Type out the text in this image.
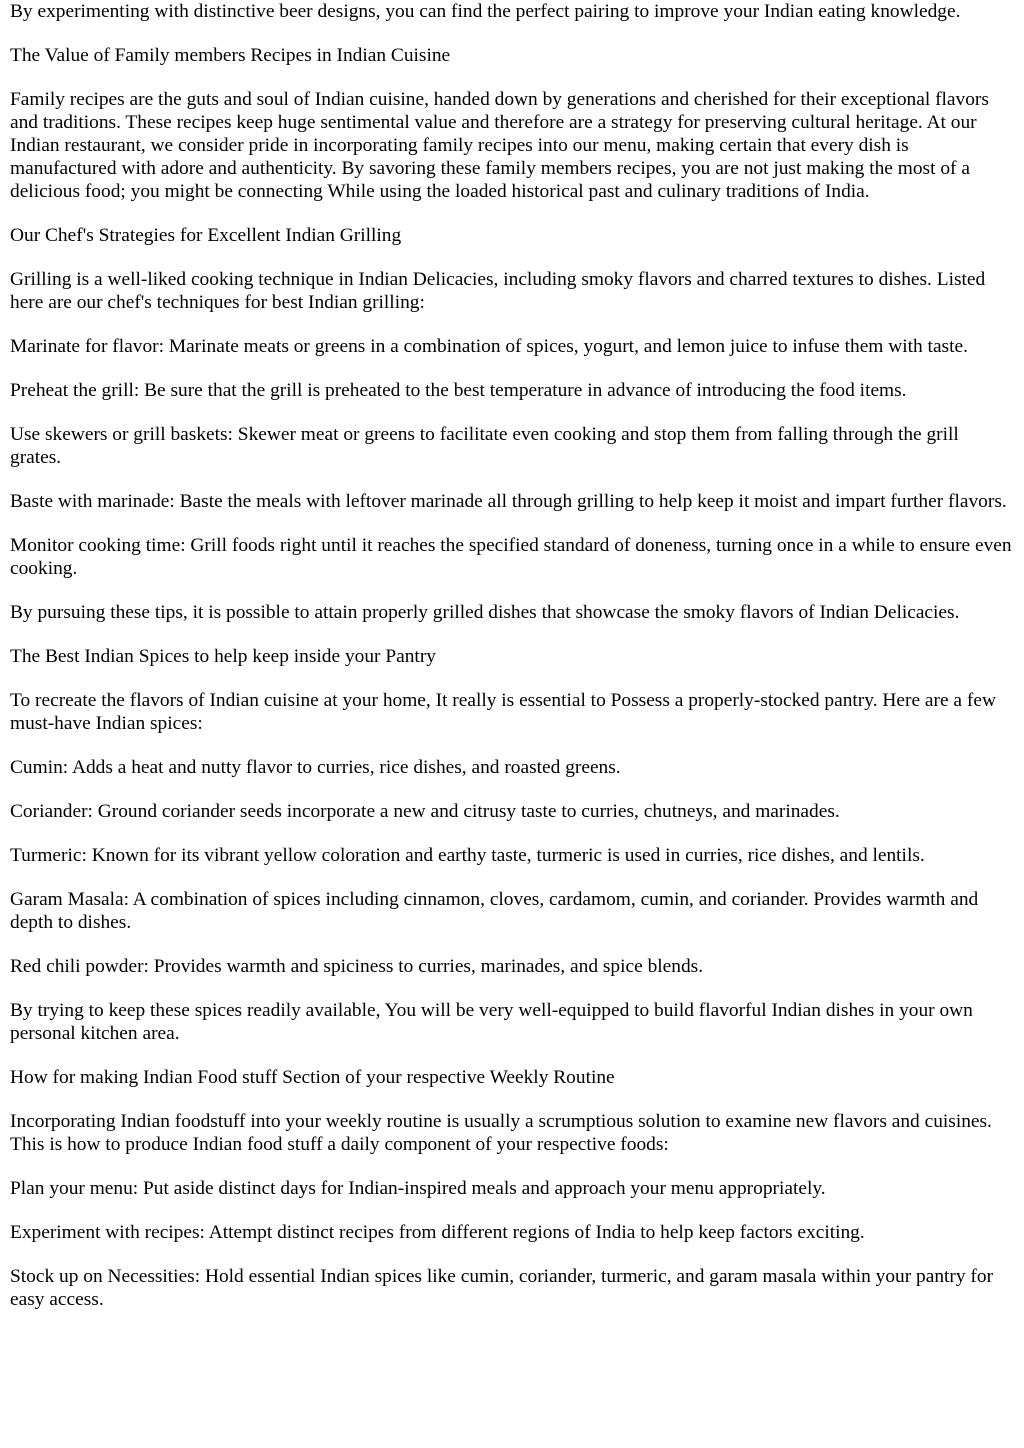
By experimenting with distinctive beer designs, you can find the perfect pairing to improve your Indian eating knowledge.

The Value of Family members Recipes in Indian Cuisine

Family recipes are the guts and soul of Indian cuisine, handed down by generations and cherished for their exceptional flavors and traditions. These recipes keep huge sentimental value and therefore are a strategy for preserving cultural heritage. At our Indian restaurant, we consider pride in incorporating family recipes into our menu, making certain that every dish is manufactured with adore and authenticity. By savoring these family members recipes, you are not just making the most of a delicious food; you might be connecting While using the loaded historical past and culinary traditions of India.

Our Chef's Strategies for Excellent Indian Grilling

Grilling is a well-liked cooking technique in Indian Delicacies, including smoky flavors and charred textures to dishes. Listed here are our chef's techniques for best Indian grilling:

Marinate for flavor: Marinate meats or greens in a combination of spices, yogurt, and lemon juice to infuse them with taste.

Preheat the grill: Be sure that the grill is preheated to the best temperature in advance of introducing the food items.

Use skewers or grill baskets: Skewer meat or greens to facilitate even cooking and stop them from falling through the grill grates.

Baste with marinade: Baste the meals with leftover marinade all through grilling to help keep it moist and impart further flavors.

Monitor cooking time: Grill foods right until it reaches the specified standard of doneness, turning once in a while to ensure even cooking.

By pursuing these tips, it is possible to attain properly grilled dishes that showcase the smoky flavors of Indian Delicacies.

The Best Indian Spices to help keep inside your Pantry

To recreate the flavors of Indian cuisine at your home, It really is essential to Possess a properly-stocked pantry. Here are a few must-have Indian spices:

Cumin: Adds a heat and nutty flavor to curries, rice dishes, and roasted greens.

Coriander: Ground coriander seeds incorporate a new and citrusy taste to curries, chutneys, and marinades.

Turmeric: Known for its vibrant yellow coloration and earthy taste, turmeric is used in curries, rice dishes, and lentils.

Garam Masala: A combination of spices including cinnamon, cloves, cardamom, cumin, and coriander. Provides warmth and depth to dishes.

Red chili powder: Provides warmth and spiciness to curries, marinades, and spice blends.

By trying to keep these spices readily available, You will be very well-equipped to build flavorful Indian dishes in your own personal kitchen area.

How for making Indian Food stuff Section of your respective Weekly Routine

Incorporating Indian foodstuff into your weekly routine is usually a scrumptious solution to examine new flavors and cuisines. This is how to produce Indian food stuff a daily component of your respective foods:

Plan your menu: Put aside distinct days for Indian-inspired meals and approach your menu appropriately.

Experiment with recipes: Attempt distinct recipes from different regions of India to help keep factors exciting.

Stock up on Necessities: Hold essential Indian spices like cumin, coriander, turmeric, and garam masala within your pantry for easy access.
